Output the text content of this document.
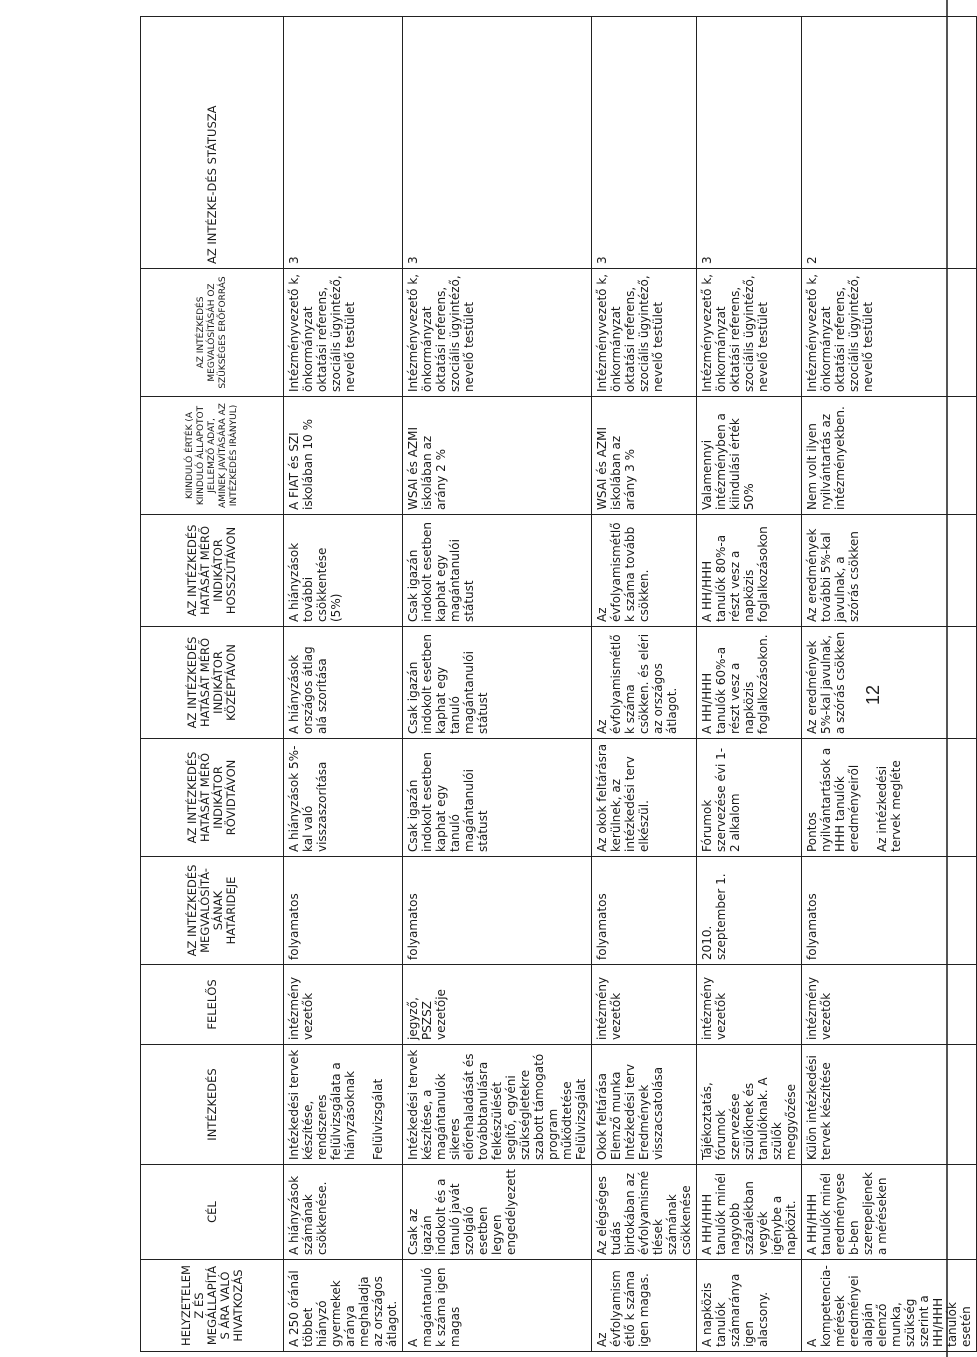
HELYZETELEMZ ÉS MEGÁLLAPÍTÁS ÁRA VALÓ HIVATKOZÁS	CÉL	INTÉZKEDÉS	FELELŐS	AZ INTÉZKEDÉS MEGVALÓSÍTÁ-SÁNAK HATÁRIDEJE	AZ INTÉZKEDÉS HATÁSÁT MÉRŐ INDIKÁTOR RÖVIDTÁVON	AZ INTÉZKEDÉS HATÁSÁT MÉRŐ INDIKÁTOR KÖZÉPTÁVON	AZ INTÉZKEDÉS HATÁSÁT MÉRŐ INDIKÁTOR HOSSZÚTÁVON	KIINDULÓ ÉRTÉK (A KIINDULÓ ÁLLAPOTOT JELLEMZŐ ADAT, AMINEK JAVÍTÁSÁRA AZ INTÉZKEDÉS IRÁNYUL)	AZ INTÉZKEDÉS MEGVALÓSÍTÁSÁH OZ SZÜKSÉGES ERŐFORRÁS	AZ INTÉZKE-DÉS STÁTUSZA
A 250 óránál többet hiányzó gyermekek aránya meghaladja az országos átlagot.	A hiányzások számának csökkenése.	Intézkedési tervek készítése, rendszeres felülvizsgálata a hiányzásoknak Felülvizsgálat	intézmény vezetők	folyamatos	A hiányzások 5%-kal való visszaszorítása	A hiányzások országos átlag alá szorítása	A hiányzások további csökkentése (5%)	A FIAT és SZI iskolában 10 %	Intézményvezető k, önkormányzat oktatási referens, szociális ügyintéző, nevelő testület	3
A magántanulók száma igen magas	Csak az igazán indokolt és a tanuló javát szolgáló esetben legyen engedélyezett	Intézkedési tervek készítése, a magántanulók sikeres előrehaladását és továbbtanulásra felkészülését segítő, egyéni szükségletekre szabott támogató program működtetése Felülvizsgálat	jegyző, PSZSZ vezetője	folyamatos	Csak igazán indokolt esetben kaphat egy tanuló magántanulói státust	Csak igazán indokolt esetben kaphat egy tanuló magántanulói státust	Csak igazán indokolt esetben kaphat egy magántanulói státust	WSAI és AZMI iskolában az arány 2 %	Intézményvezető k, önkormányzat oktatási referens, szociális ügyintéző, nevelő testület	3
Az évfolyamismétlő k száma igen magas.	Az elégséges tudás birtokában az évfolyamismétlések számának csökkenése	Okok feltárása Elemző munka Intézkedési terv Eredmények visszacsatolása	intézmény vezetők	folyamatos	Az okok feltárásra kerülnek, az intézkedési terv elkészül.	Az évfolyamismétlők száma csökken. és eléri az országos átlagot.	Az évfolyamismétlők száma tovább csökken.	WSAI és AZMI iskolában az arány 3 %	Intézményvezető k, önkormányzat oktatási referens, szociális ügyintéző, nevelő testület	3
A napközis tanulók számaránya igen alacsony.	A HH/HHH tanulók minél nagyobb százalékban vegyék igénybe a napközit.	Tájékoztatás, fórumok szervezése szülőknek és tanulóknak. A szülők meggyőzése	intézmény vezetők	2010. szeptember 1.	Fórumok szervezése évi 1-2 alkalom	A HH/HHH tanulók 60%-a részt vesz a napközis foglalkozásokon.	A HH/HHH tanulók 80%-a részt vesz a napközis foglalkozásokon	Valamennyi intézményben a kiindulási érték 50%	Intézményvezető k, önkormányzat oktatási referens, szociális ügyintéző, nevelő testület	3
A kompetencia-mérések eredményei alapján elemző munka, szükség szerint a HH/HHH tanulók esetén	A HH/HHH tanulók minél eredményeseb-ben szerepeljenek a méréseken	Külön intézkedési tervek készítése	intézmény vezetők	folyamatos	Pontos nyilvántartások a HHH tanulók eredményeiről Az intézkedési tervek megléte	Az eredmények 5%-kal javulnak, a szórás csökken	Az eredmények további 5%-kal javulnak, a szórás csökken	Nem volt ilyen nyilvántartás az intézményekben.	Intézményvezető k, önkormányzat oktatási referens, szociális ügyintéző, nevelő testület	2
12
